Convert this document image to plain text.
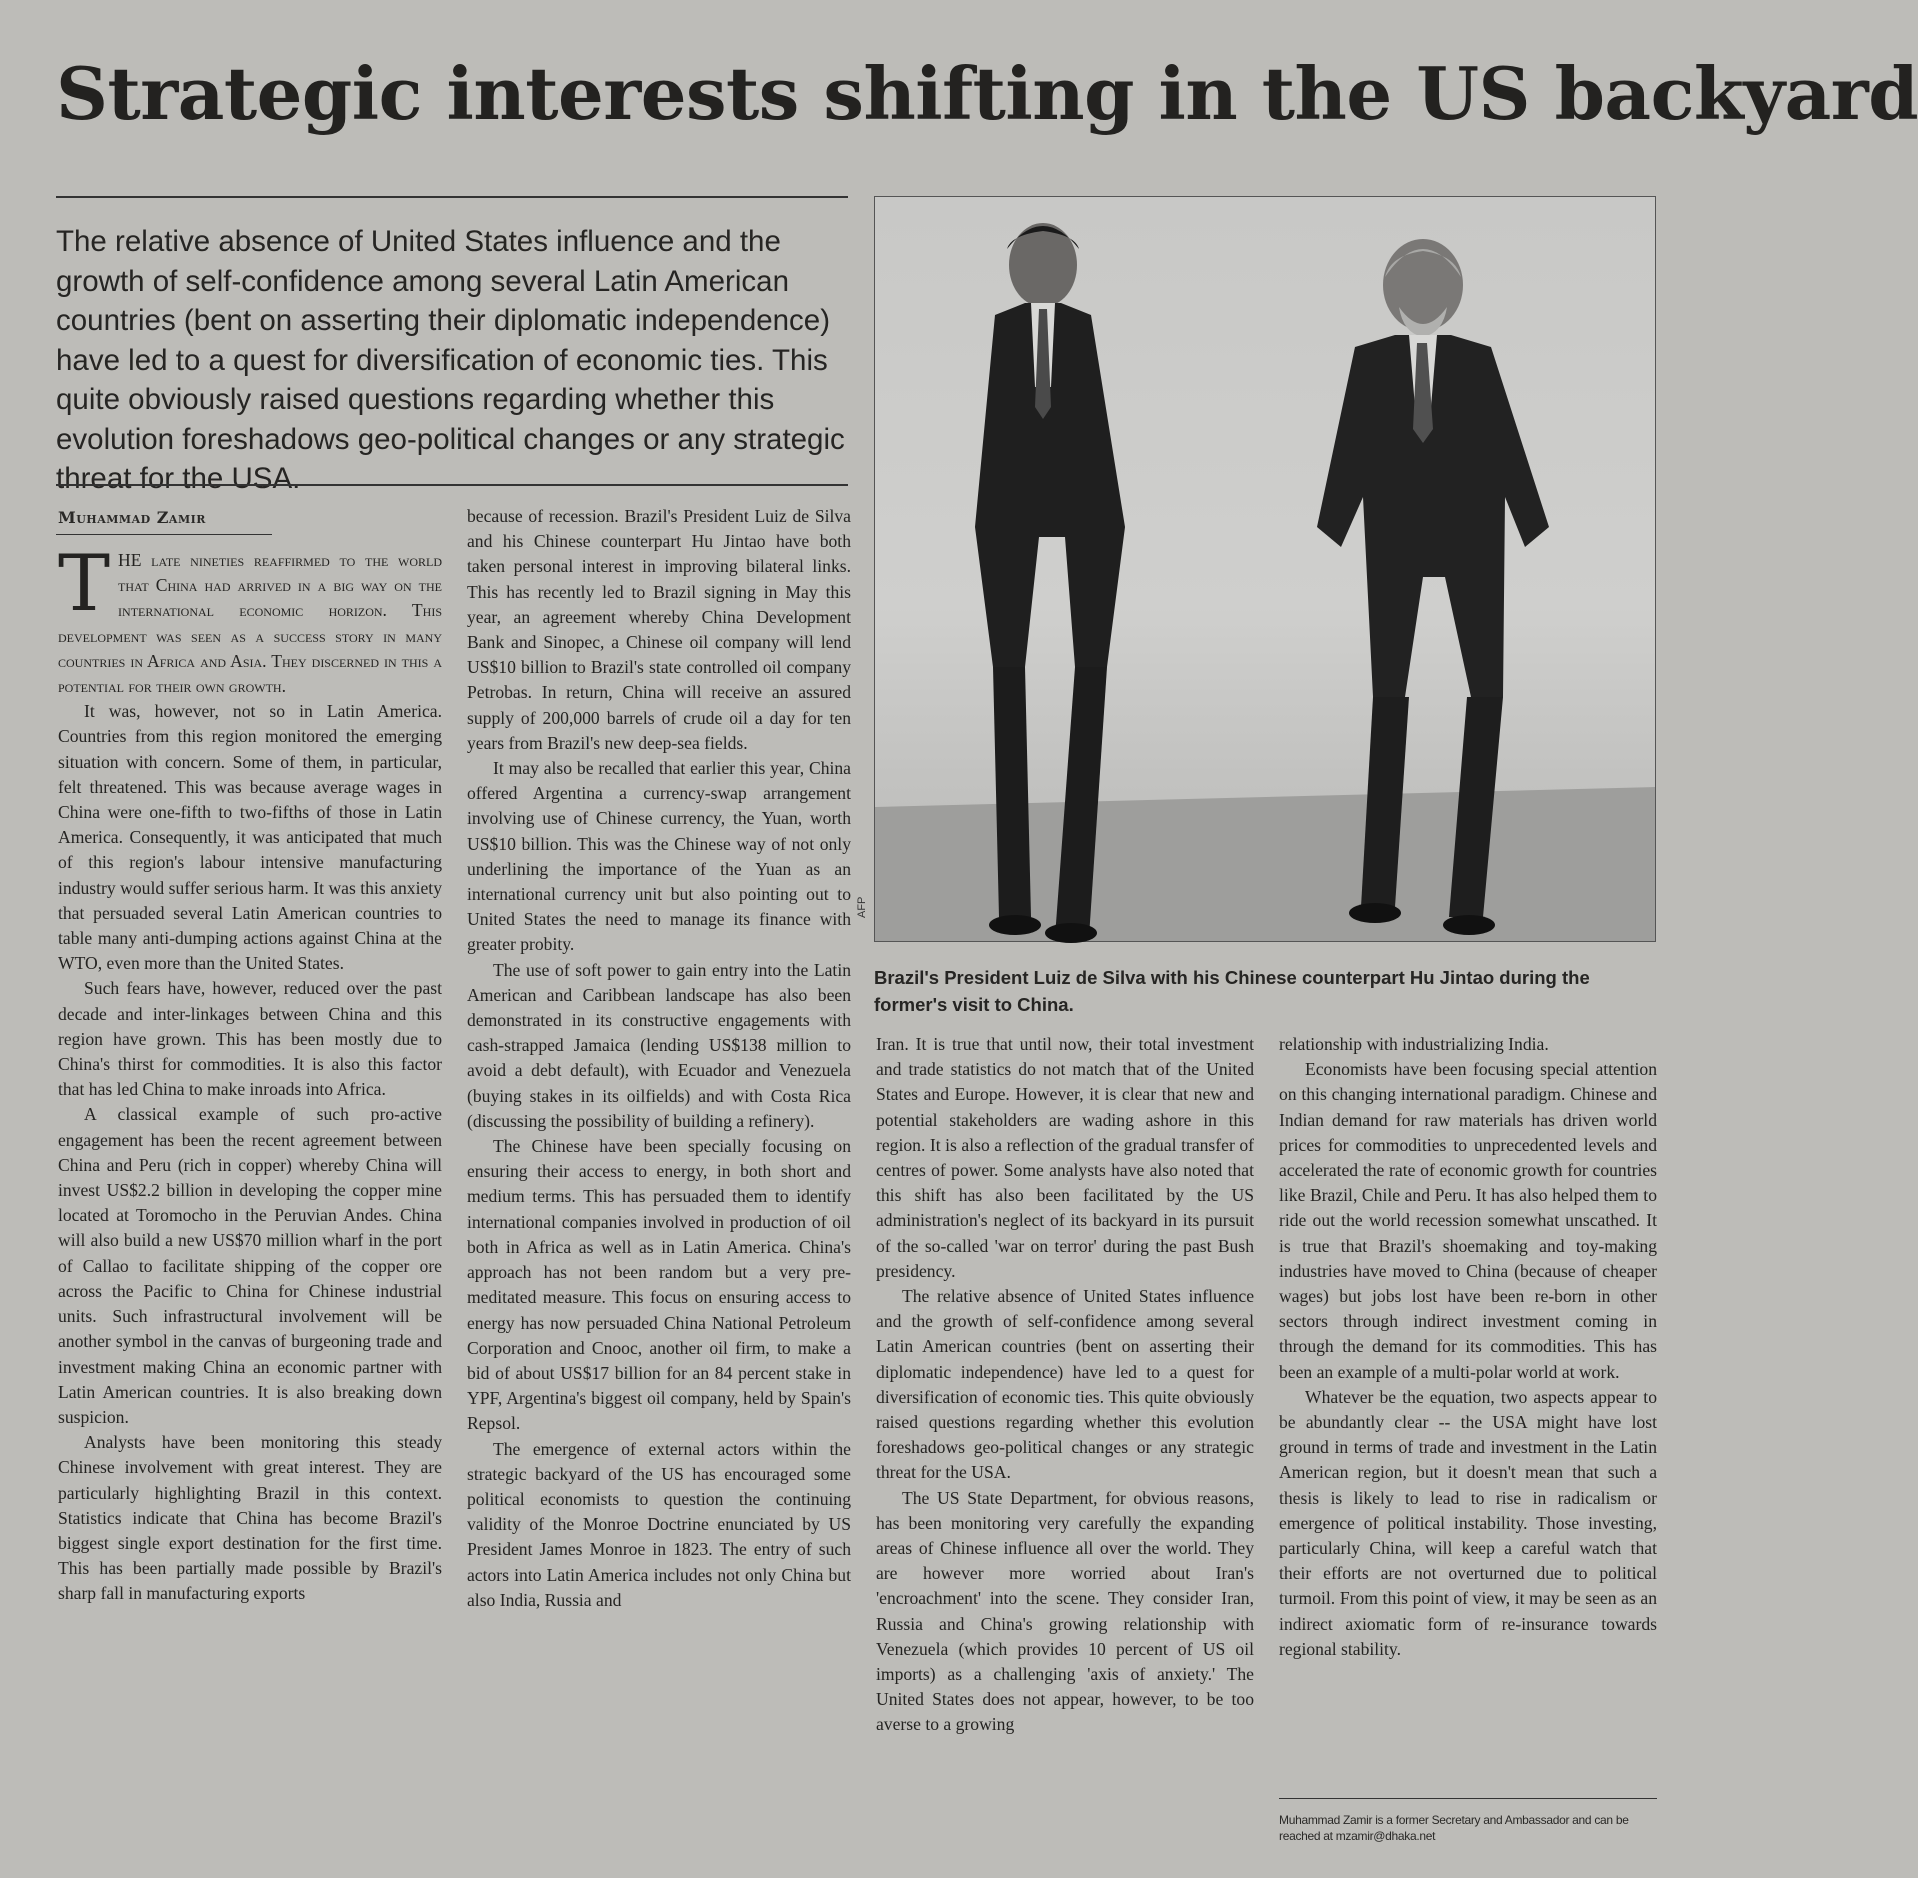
Strategic interests shifting in the US backyard

The relative absence of United States influence and the growth of self-confidence among several Latin American countries (bent on asserting their diplomatic independence) have led to a quest for diversification of economic ties. This quite obviously raised questions regarding whether this evolution foreshadows geo-political changes or any strategic threat for the USA.

Muhammad Zamir

AFP

Brazil's President Luiz de Silva with his Chinese counterpart Hu Jintao during the former's visit to China.

THE late nineties reaffirmed to the world that China had arrived in a big way on the international economic horizon. This development was seen as a success story in many countries in Africa and Asia. They discerned in this a potential for their own growth.

It was, however, not so in Latin America. Countries from this region monitored the emerging situation with concern. Some of them, in particular, felt threatened. This was because average wages in China were one-fifth to two-fifths of those in Latin America. Consequently, it was anticipated that much of this region's labour intensive manufacturing industry would suffer serious harm. It was this anxiety that persuaded several Latin American countries to table many anti-dumping actions against China at the WTO, even more than the United States.

Such fears have, however, reduced over the past decade and inter-linkages between China and this region have grown. This has been mostly due to China's thirst for commodities. It is also this factor that has led China to make inroads into Africa.

A classical example of such pro-active engagement has been the recent agreement between China and Peru (rich in copper) whereby China will invest US$2.2 billion in developing the copper mine located at Toromocho in the Peruvian Andes. China will also build a new US$70 million wharf in the port of Callao to facilitate shipping of the copper ore across the Pacific to China for Chinese industrial units. Such infrastructural involvement will be another symbol in the canvas of burgeoning trade and investment making China an economic partner with Latin American countries. It is also breaking down suspicion.

Analysts have been monitoring this steady Chinese involvement with great interest. They are particularly highlighting Brazil in this context. Statistics indicate that China has become Brazil's biggest single export destination for the first time. This has been partially made possible by Brazil's sharp fall in manufacturing exports

because of recession. Brazil's President Luiz de Silva and his Chinese counterpart Hu Jintao have both taken personal interest in improving bilateral links. This has recently led to Brazil signing in May this year, an agreement whereby China Development Bank and Sinopec, a Chinese oil company will lend US$10 billion to Brazil's state controlled oil company Petrobas. In return, China will receive an assured supply of 200,000 barrels of crude oil a day for ten years from Brazil's new deep-sea fields.

It may also be recalled that earlier this year, China offered Argentina a currency-swap arrangement involving use of Chinese currency, the Yuan, worth US$10 billion. This was the Chinese way of not only underlining the importance of the Yuan as an international currency unit but also pointing out to United States the need to manage its finance with greater probity.

The use of soft power to gain entry into the Latin American and Caribbean landscape has also been demonstrated in its constructive engagements with cash-strapped Jamaica (lending US$138 million to avoid a debt default), with Ecuador and Venezuela (buying stakes in its oilfields) and with Costa Rica (discussing the possibility of building a refinery).

The Chinese have been specially focusing on ensuring their access to energy, in both short and medium terms. This has persuaded them to identify international companies involved in production of oil both in Africa as well as in Latin America. China's approach has not been random but a very pre-meditated measure. This focus on ensuring access to energy has now persuaded China National Petroleum Corporation and Cnooc, another oil firm, to make a bid of about US$17 billion for an 84 percent stake in YPF, Argentina's biggest oil company, held by Spain's Repsol.

The emergence of external actors within the strategic backyard of the US has encouraged some political economists to question the continuing validity of the Monroe Doctrine enunciated by US President James Monroe in 1823. The entry of such actors into Latin America includes not only China but also India, Russia and

Iran. It is true that until now, their total investment and trade statistics do not match that of the United States and Europe. However, it is clear that new and potential stakeholders are wading ashore in this region. It is also a reflection of the gradual transfer of centres of power. Some analysts have also noted that this shift has also been facilitated by the US administration's neglect of its backyard in its pursuit of the so-called 'war on terror' during the past Bush presidency.

The relative absence of United States influence and the growth of self-confidence among several Latin American countries (bent on asserting their diplomatic independence) have led to a quest for diversification of economic ties. This quite obviously raised questions regarding whether this evolution foreshadows geo-political changes or any strategic threat for the USA.

The US State Department, for obvious reasons, has been monitoring very carefully the expanding areas of Chinese influence all over the world. They are however more worried about Iran's 'encroachment' into the scene. They consider Iran, Russia and China's growing relationship with Venezuela (which provides 10 percent of US oil imports) as a challenging 'axis of anxiety.' The United States does not appear, however, to be too averse to a growing

relationship with industrializing India.

Economists have been focusing special attention on this changing international paradigm. Chinese and Indian demand for raw materials has driven world prices for commodities to unprecedented levels and accelerated the rate of economic growth for countries like Brazil, Chile and Peru. It has also helped them to ride out the world recession somewhat unscathed. It is true that Brazil's shoemaking and toy-making industries have moved to China (because of cheaper wages) but jobs lost have been re-born in other sectors through indirect investment coming in through the demand for its commodities. This has been an example of a multi-polar world at work.

Whatever be the equation, two aspects appear to be abundantly clear -- the USA might have lost ground in terms of trade and investment in the Latin American region, but it doesn't mean that such a thesis is likely to lead to rise in radicalism or emergence of political instability. Those investing, particularly China, will keep a careful watch that their efforts are not overturned due to political turmoil. From this point of view, it may be seen as an indirect axiomatic form of re-insurance towards regional stability.

Muhammad Zamir is a former Secretary and Ambassador and can be reached at mzamir@dhaka.net
